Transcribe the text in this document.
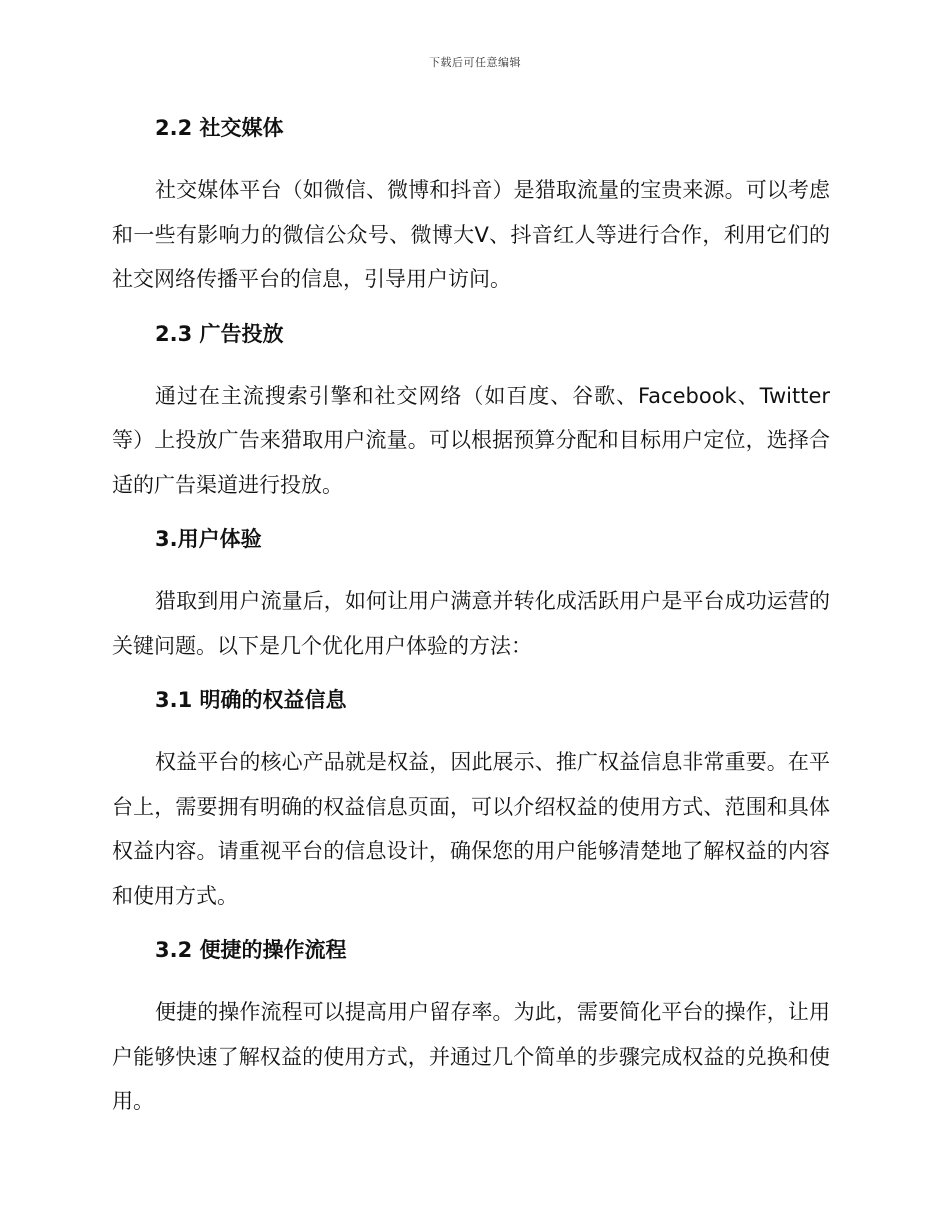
下载后可任意编辑
2.2 社交媒体

社交媒体平台（如微信、微博和抖音）是猎取流量的宝贵来源。可以考虑和一些有影响力的微信公众号、微博大V、抖音红人等进行合作，利用它们的社交网络传播平台的信息，引导用户访问。

2.3 广告投放

通过在主流搜索引擎和社交网络（如百度、谷歌、Facebook、Twitter等）上投放广告来猎取用户流量。可以根据预算分配和目标用户定位，选择合适的广告渠道进行投放。

3.用户体验

猎取到用户流量后，如何让用户满意并转化成活跃用户是平台成功运营的关键问题。以下是几个优化用户体验的方法：

3.1 明确的权益信息

权益平台的核心产品就是权益，因此展示、推广权益信息非常重要。在平台上，需要拥有明确的权益信息页面，可以介绍权益的使用方式、范围和具体权益内容。请重视平台的信息设计，确保您的用户能够清楚地了解权益的内容和使用方式。

3.2 便捷的操作流程

便捷的操作流程可以提高用户留存率。为此，需要简化平台的操作，让用户能够快速了解权益的使用方式，并通过几个简单的步骤完成权益的兑换和使用。
